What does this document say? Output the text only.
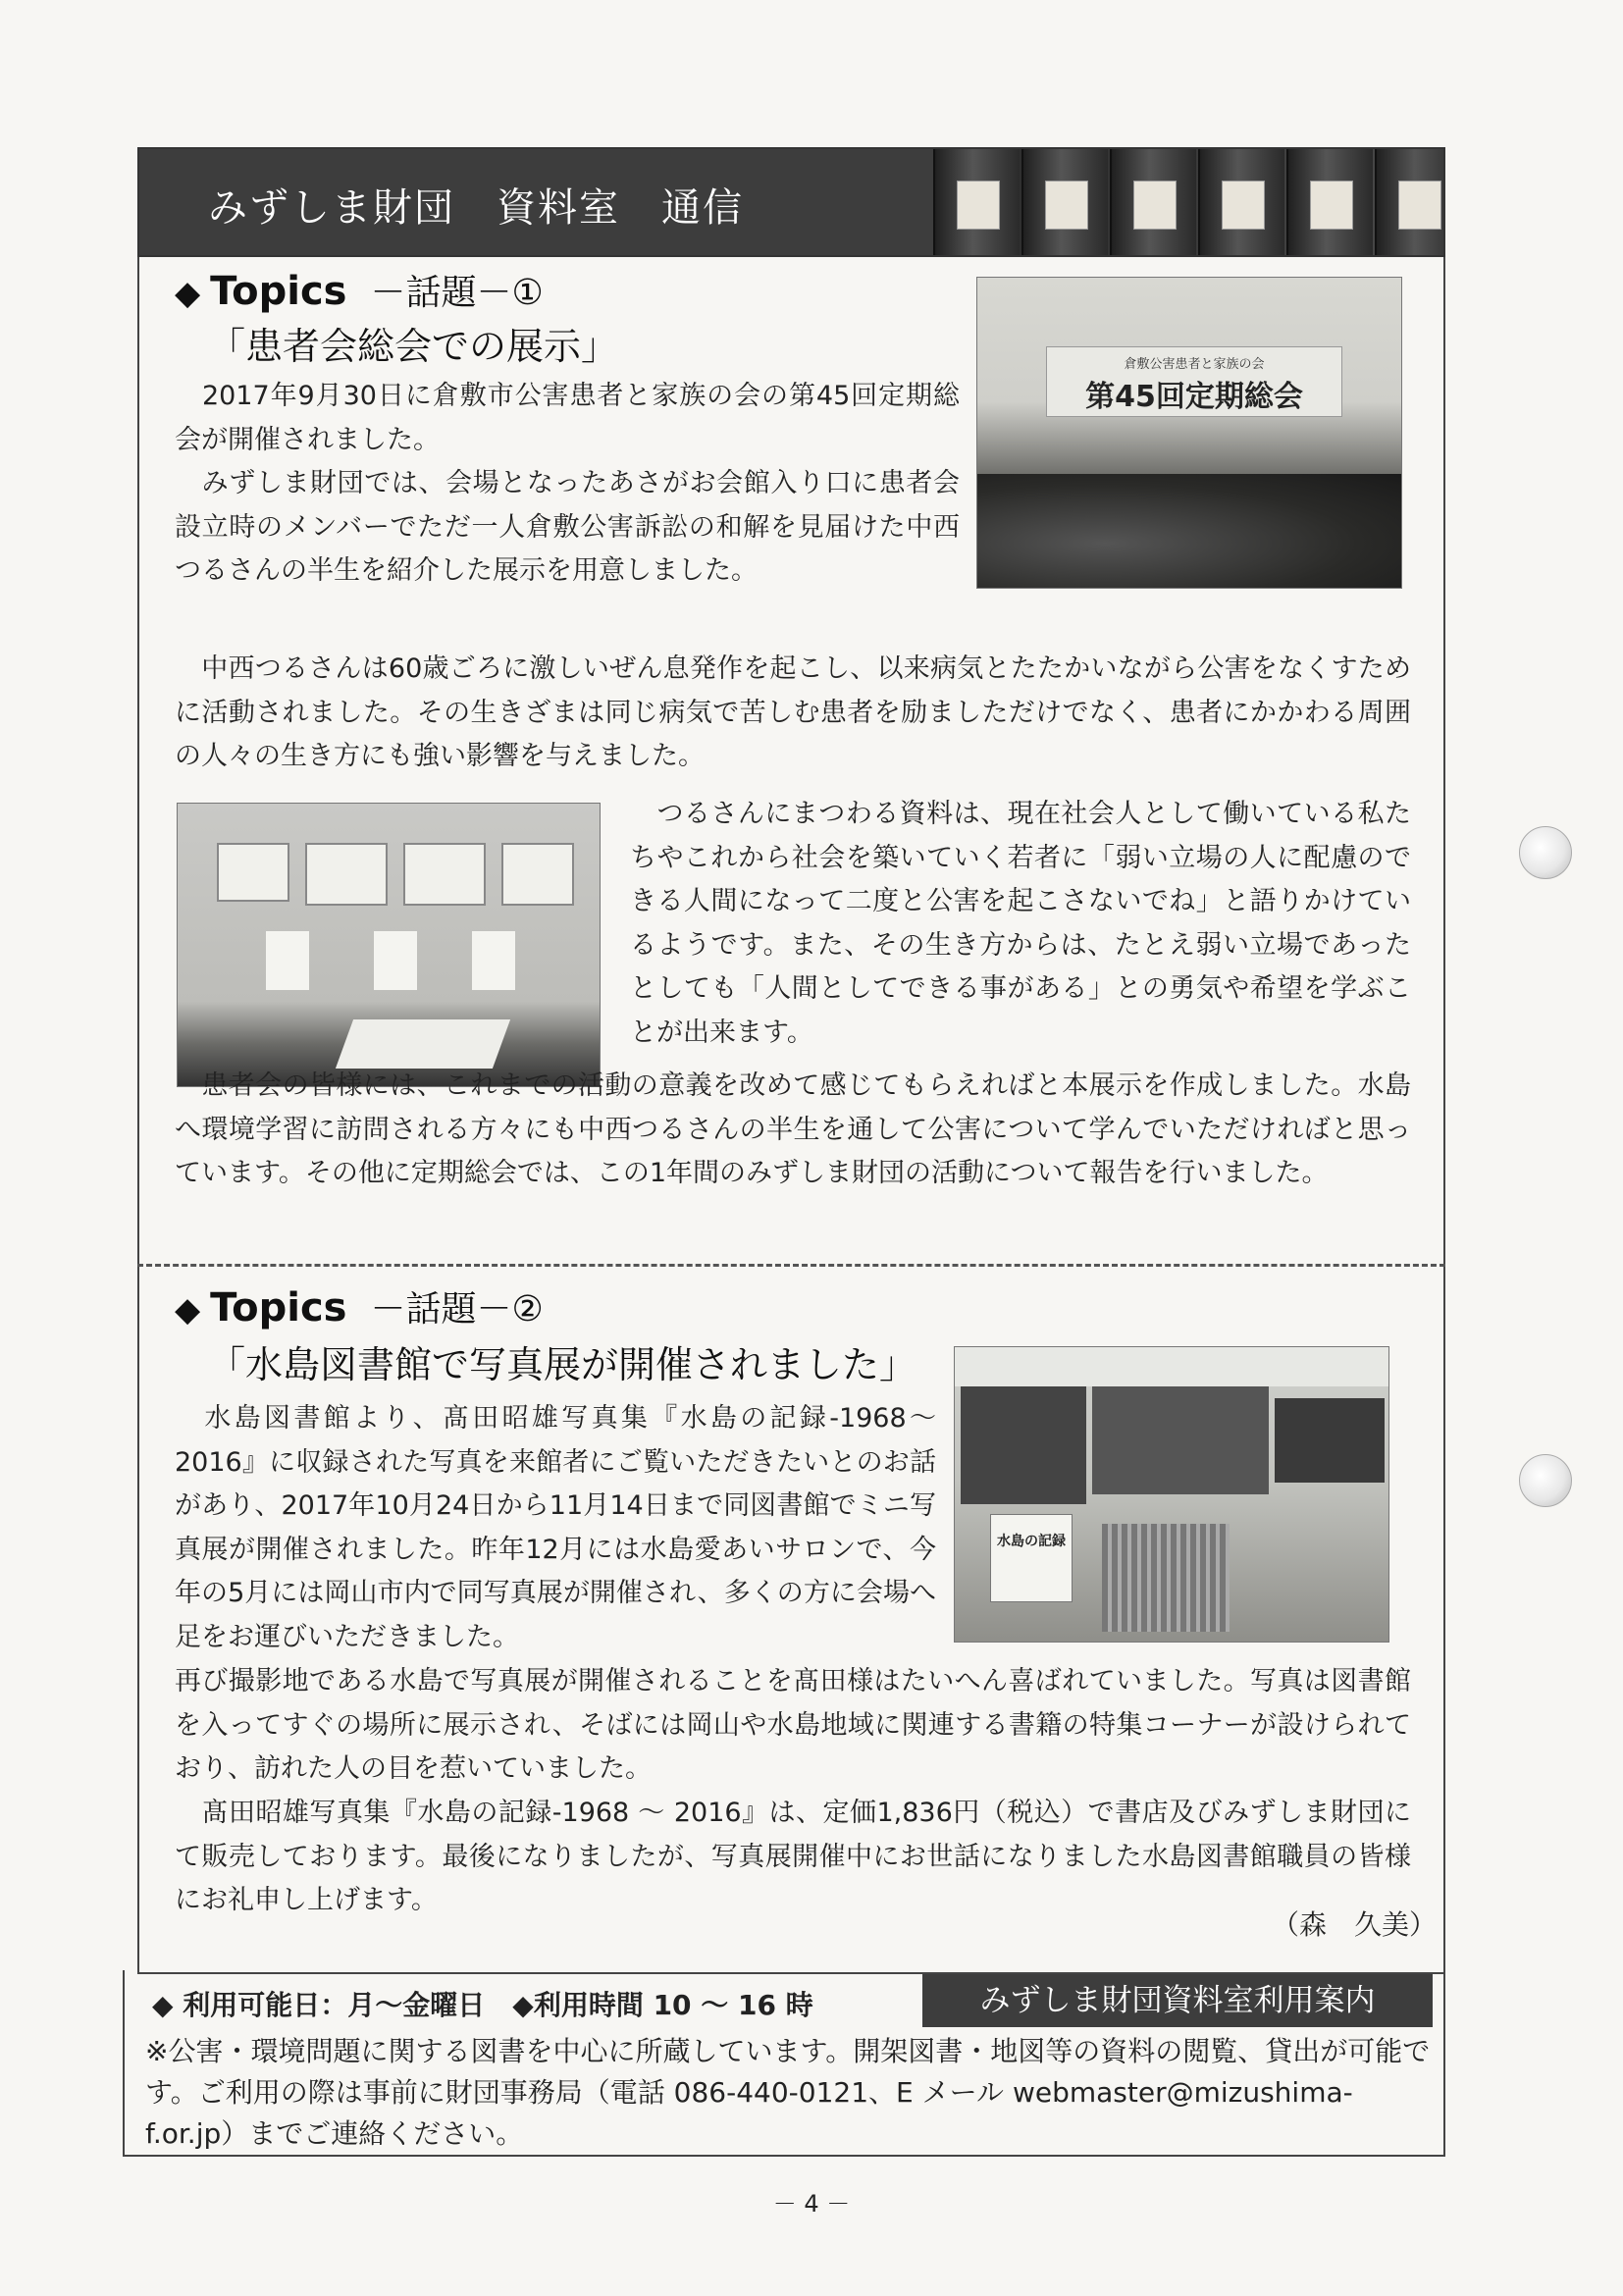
みずしま財団　資料室　通信
◆ Topics －話題－①
「患者会総会での展示」	倉敷公害患者と家族の会
第45回定期総会
　2017年9月30日に倉敷市公害患者と家族の会の第45回定期総会が開催されました。
　みずしま財団では、会場となったあさがお会館入り口に患者会設立時のメンバーでただ一人倉敷公害訴訟の和解を見届けた中西つるさんの半生を紹介した展示を用意しました。
　中西つるさんは60歳ごろに激しいぜん息発作を起こし、以来病気とたたかいながら公害をなくすために活動されました。その生きざまは同じ病気で苦しむ患者を励ましただけでなく、患者にかかわる周囲の人々の生き方にも強い影響を与えました。
　つるさんにまつわる資料は、現在社会人として働いている私たちやこれから社会を築いていく若者に「弱い立場の人に配慮のできる人間になって二度と公害を起こさないでね」と語りかけているようです。また、その生き方からは、たとえ弱い立場であったとしても「人間としてできる事がある」との勇気や希望を学ぶことが出来ます。
　患者会の皆様には、これまでの活動の意義を改めて感じてもらえればと本展示を作成しました。水島へ環境学習に訪問される方々にも中西つるさんの半生を通して公害について学んでいただければと思っています。その他に定期総会では、この1年間のみずしま財団の活動について報告を行いました。
◆ Topics －話題－②
「水島図書館で写真展が開催されました」
水島の記録
　水島図書館より、髙田昭雄写真集『水島の記録-1968～ 2016』に収録された写真を来館者にご覧いただきたいとのお話があり、2017年10月24日から11月14日まで同図書館でミニ写真展が開催されました。昨年12月には水島愛あいサロンで、今年の5月には岡山市内で同写真展が開催され、多くの方に会場へ足をお運びいただきました。
再び撮影地である水島で写真展が開催されることを髙田様はたいへん喜ばれていました。写真は図書館を入ってすぐの場所に展示され、そばには岡山や水島地域に関連する書籍の特集コーナーが設けられており、訪れた人の目を惹いていました。
　髙田昭雄写真集『水島の記録-1968 ～ 2016』は、定価1,836円（税込）で書店及びみずしま財団にて販売しております。最後になりましたが、写真展開催中にお世話になりました水島図書館職員の皆様にお礼申し上げます。
（森　久美）
◆ 利用可能日：月～金曜日　◆利用時間 10 ～ 16 時	みずしま財団資料室利用案内
※公害・環境問題に関する図書を中心に所蔵しています。開架図書・地図等の資料の閲覧、貸出が可能です。ご利用の際は事前に財団事務局（電話 086-440-0121、E メール webmaster@mizushima-f.or.jp）までご連絡ください。
－ 4 －
